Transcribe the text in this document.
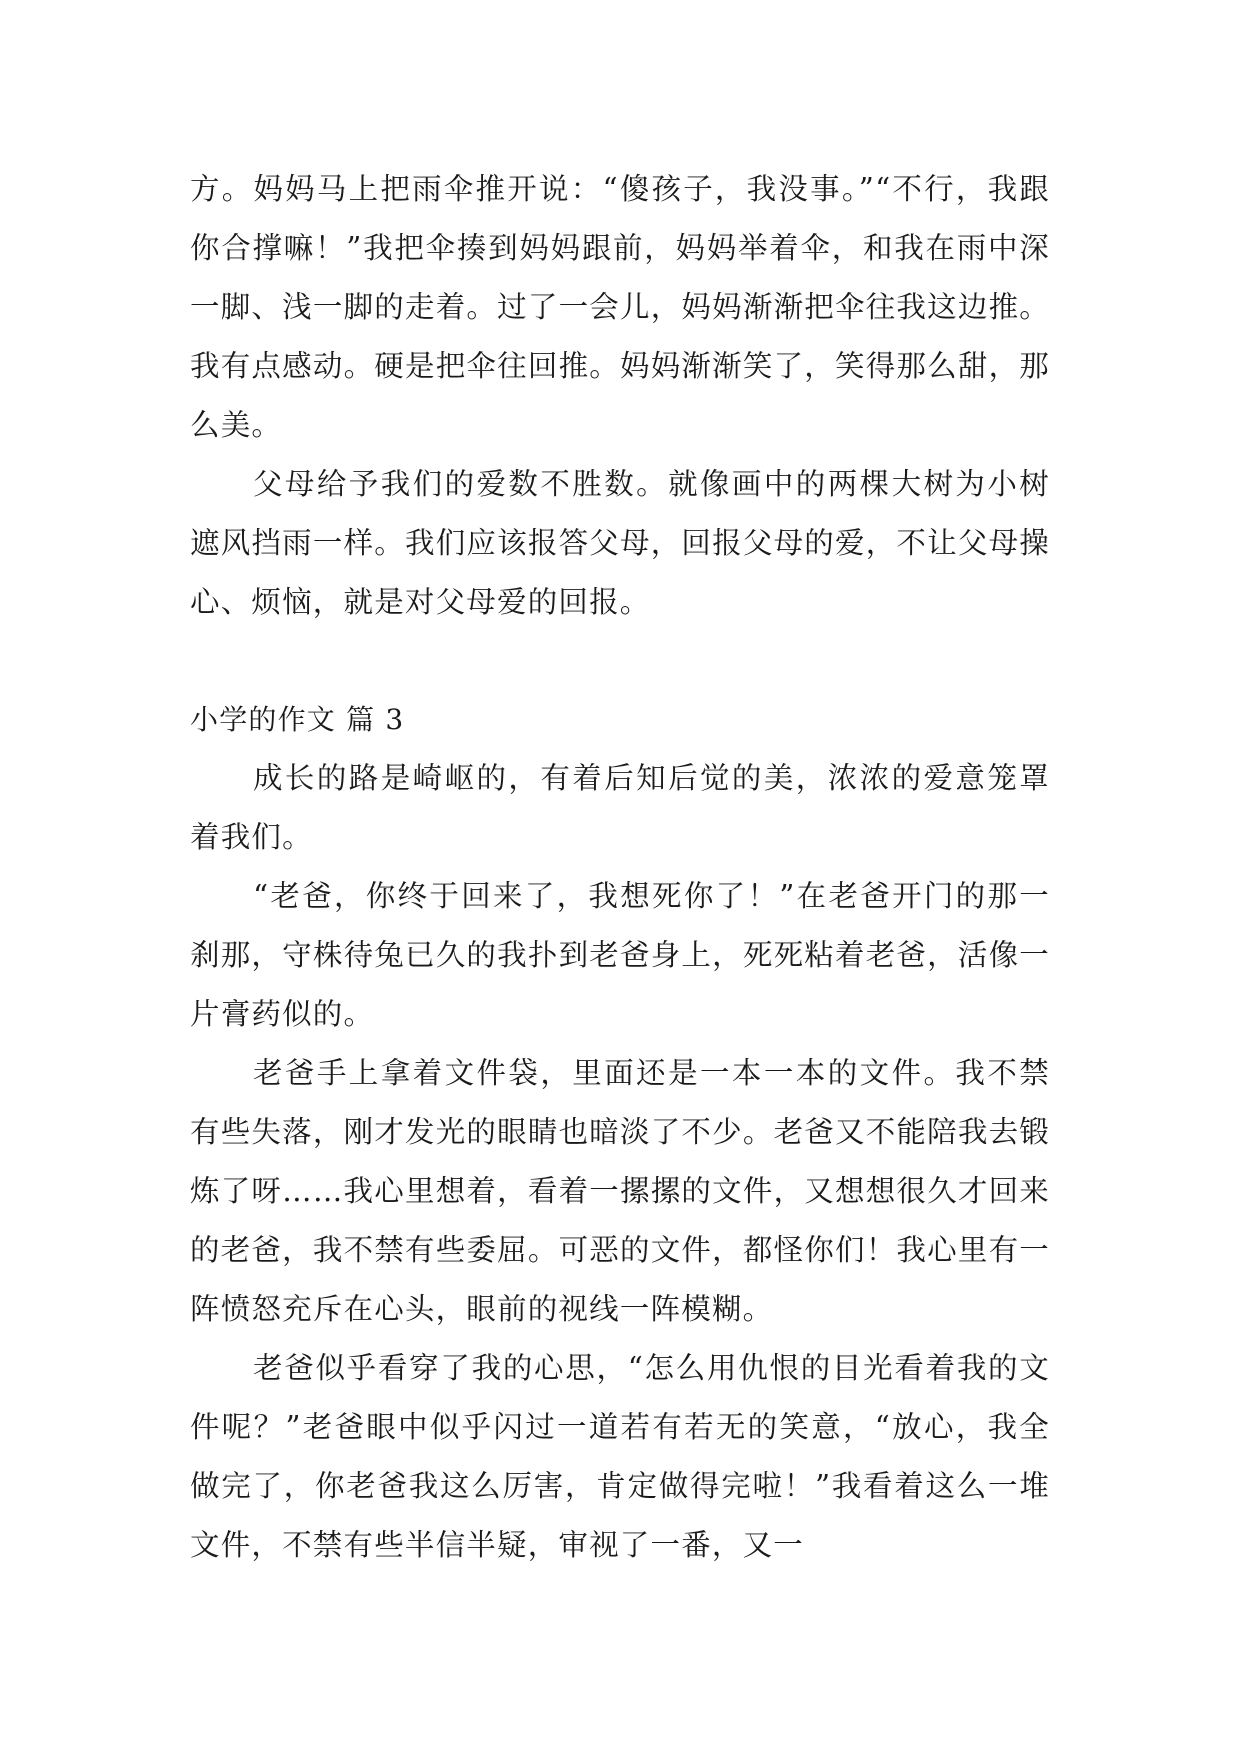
方。妈妈马上把雨伞推开说：“傻孩子，我没事。”“不行，我跟你合撑嘛！”我把伞揍到妈妈跟前，妈妈举着伞，和我在雨中深一脚、浅一脚的走着。过了一会儿，妈妈渐渐把伞往我这边推。我有点感动。硬是把伞往回推。妈妈渐渐笑了，笑得那么甜，那么美。

父母给予我们的爱数不胜数。就像画中的两棵大树为小树遮风挡雨一样。我们应该报答父母，回报父母的爱，不让父母操心、烦恼，就是对父母爱的回报。

小学的作文 篇 3

成长的路是崎岖的，有着后知后觉的美，浓浓的爱意笼罩着我们。

“老爸，你终于回来了，我想死你了！”在老爸开门的那一刹那，守株待兔已久的我扑到老爸身上，死死粘着老爸，活像一片膏药似的。

老爸手上拿着文件袋，里面还是一本一本的文件。我不禁有些失落，刚才发光的眼睛也暗淡了不少。老爸又不能陪我去锻炼了呀……我心里想着，看着一摞摞的文件，又想想很久才回来的老爸，我不禁有些委屈。可恶的文件，都怪你们！我心里有一阵愤怒充斥在心头，眼前的视线一阵模糊。

老爸似乎看穿了我的心思，“怎么用仇恨的目光看着我的文件呢？”老爸眼中似乎闪过一道若有若无的笑意，“放心，我全做完了，你老爸我这么厉害，肯定做得完啦！”我看着这么一堆文件，不禁有些半信半疑，审视了一番，又一
